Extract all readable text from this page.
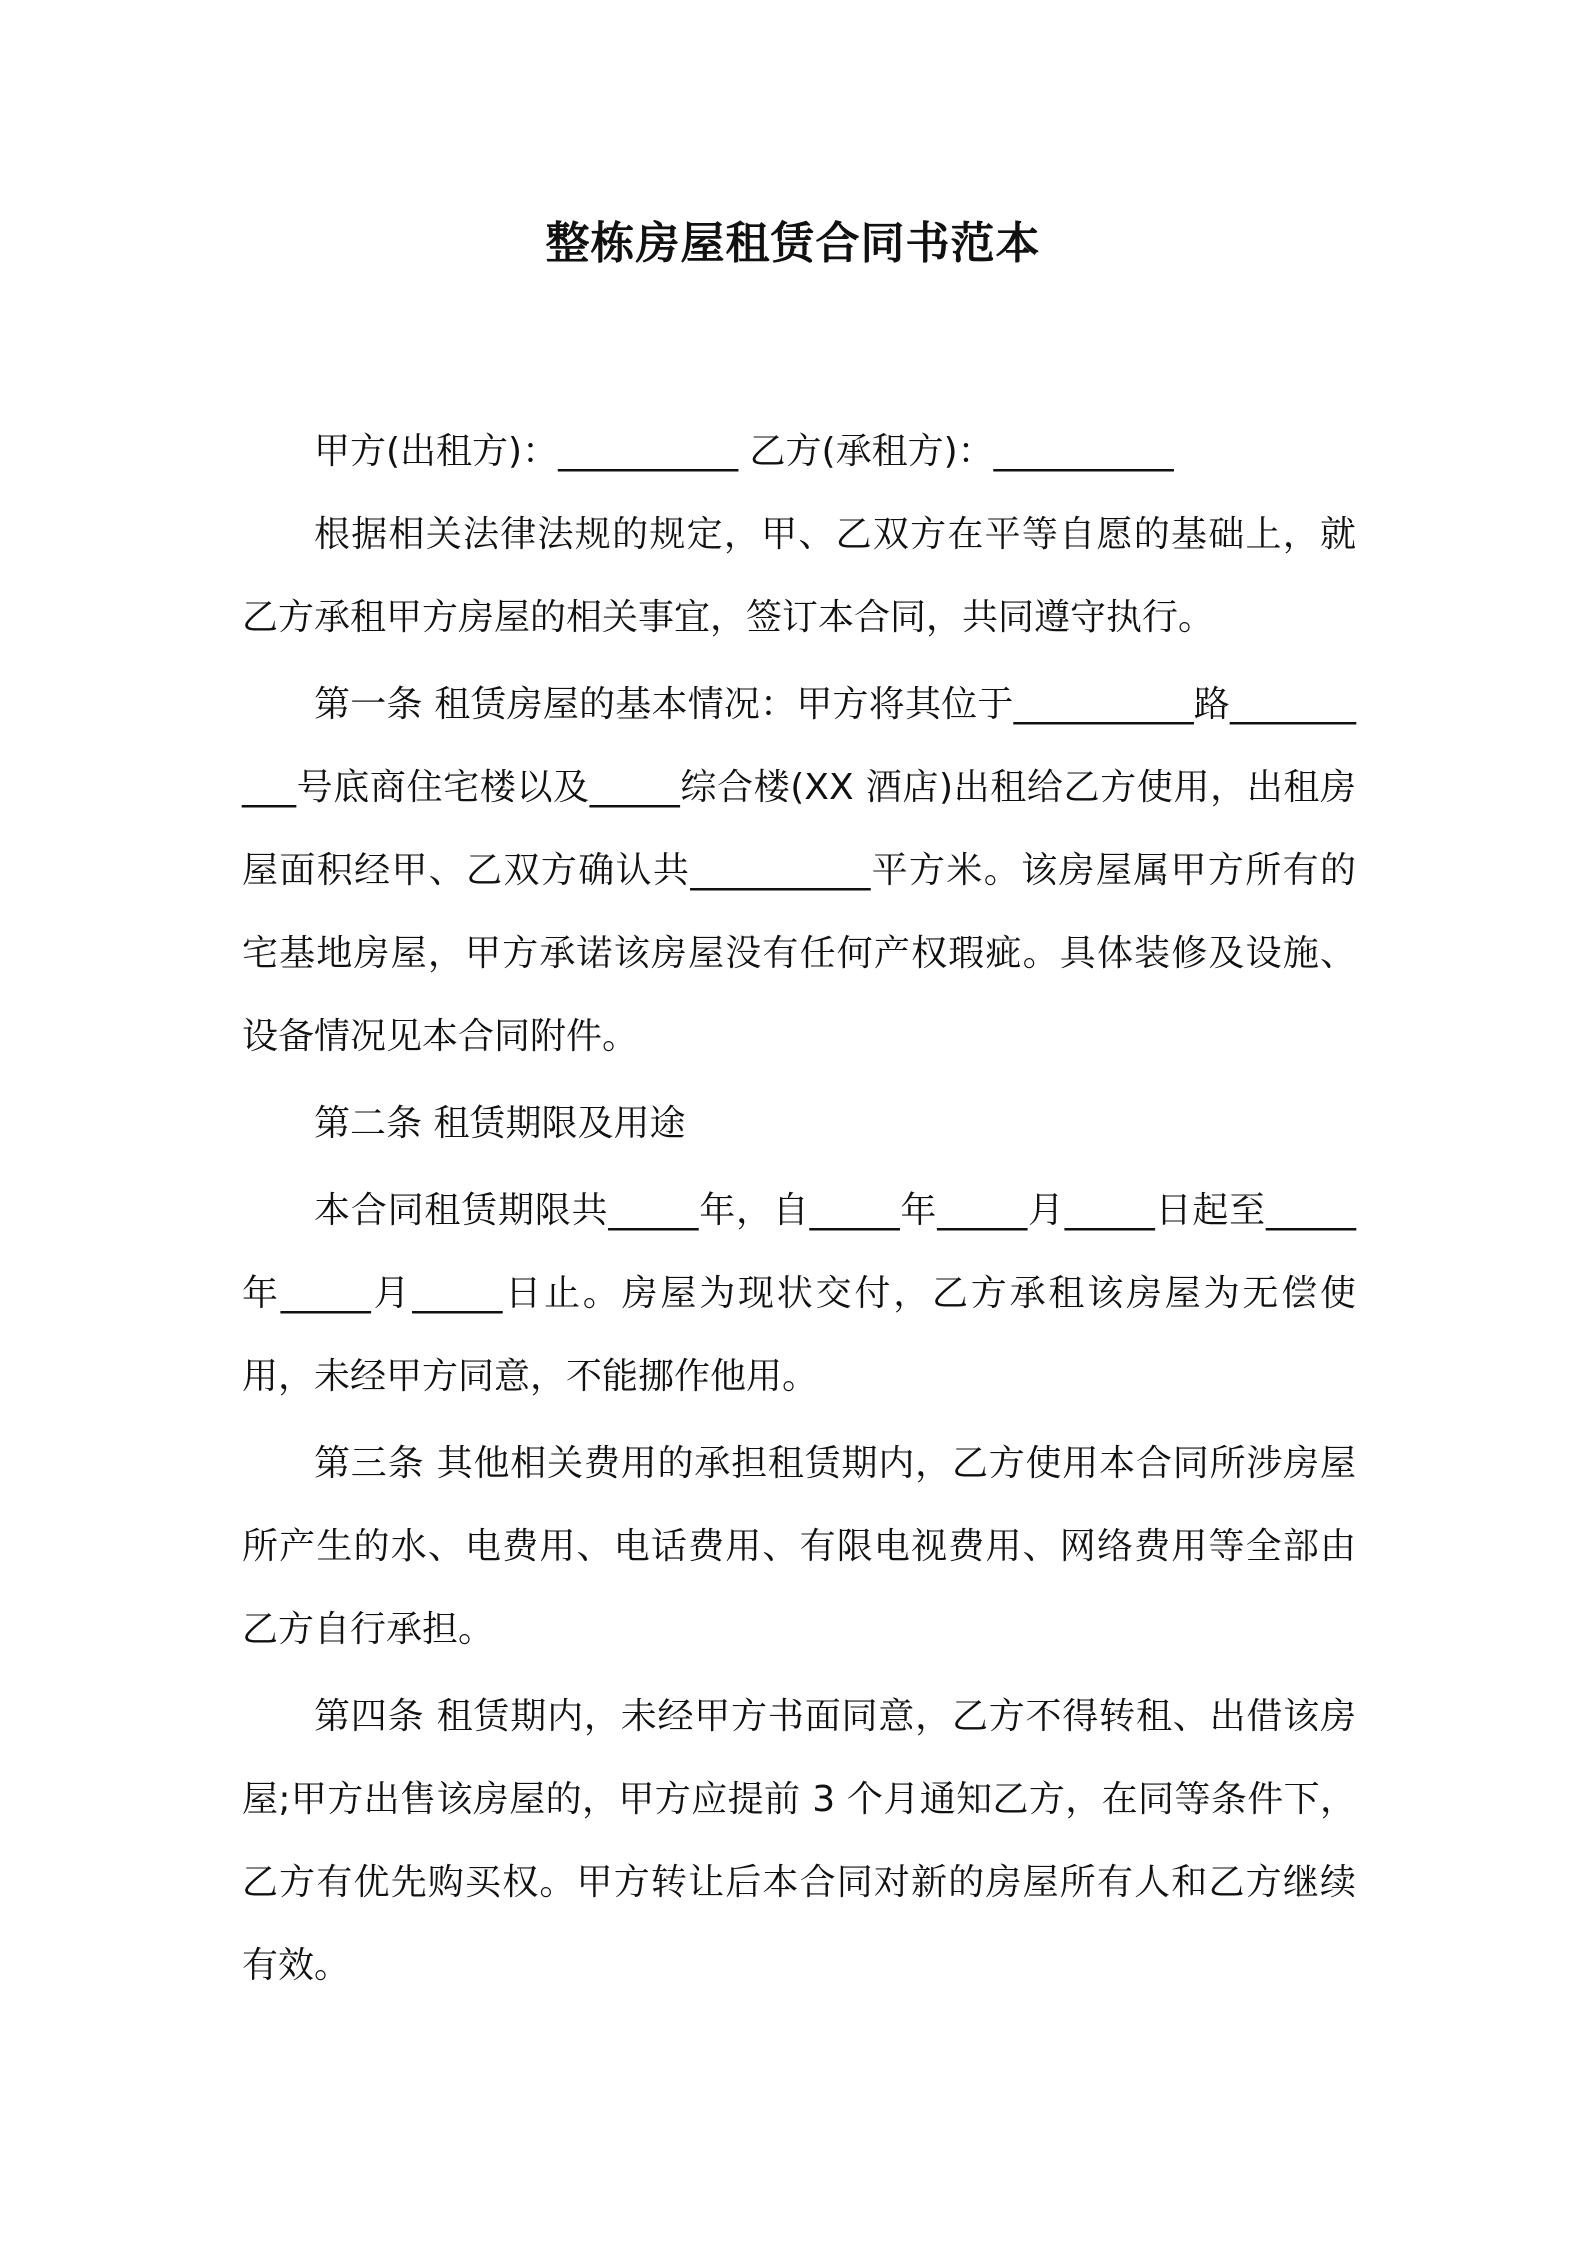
整栋房屋租赁合同书范本

甲方(出租方)：__________ 乙方(承租方)：__________

根据相关法律法规的规定，甲、乙双方在平等自愿的基础上，就乙方承租甲方房屋的相关事宜，签订本合同，共同遵守执行。

第一条 租赁房屋的基本情况：甲方将其位于__________路__________号底商住宅楼以及_____综合楼(XX 酒店)出租给乙方使用，出租房屋面积经甲、乙双方确认共__________平方米。该房屋属甲方所有的宅基地房屋，甲方承诺该房屋没有任何产权瑕疵。具体装修及设施、设备情况见本合同附件。

第二条 租赁期限及用途

本合同租赁期限共_____年，自_____年_____月_____日起至_____年_____月_____日止。房屋为现状交付，乙方承租该房屋为无偿使用，未经甲方同意，不能挪作他用。

第三条 其他相关费用的承担租赁期内，乙方使用本合同所涉房屋所产生的水、电费用、电话费用、有限电视费用、网络费用等全部由乙方自行承担。

第四条 租赁期内，未经甲方书面同意，乙方不得转租、出借该房屋;甲方出售该房屋的，甲方应提前 3 个月通知乙方，在同等条件下，乙方有优先购买权。甲方转让后本合同对新的房屋所有人和乙方继续有效。
